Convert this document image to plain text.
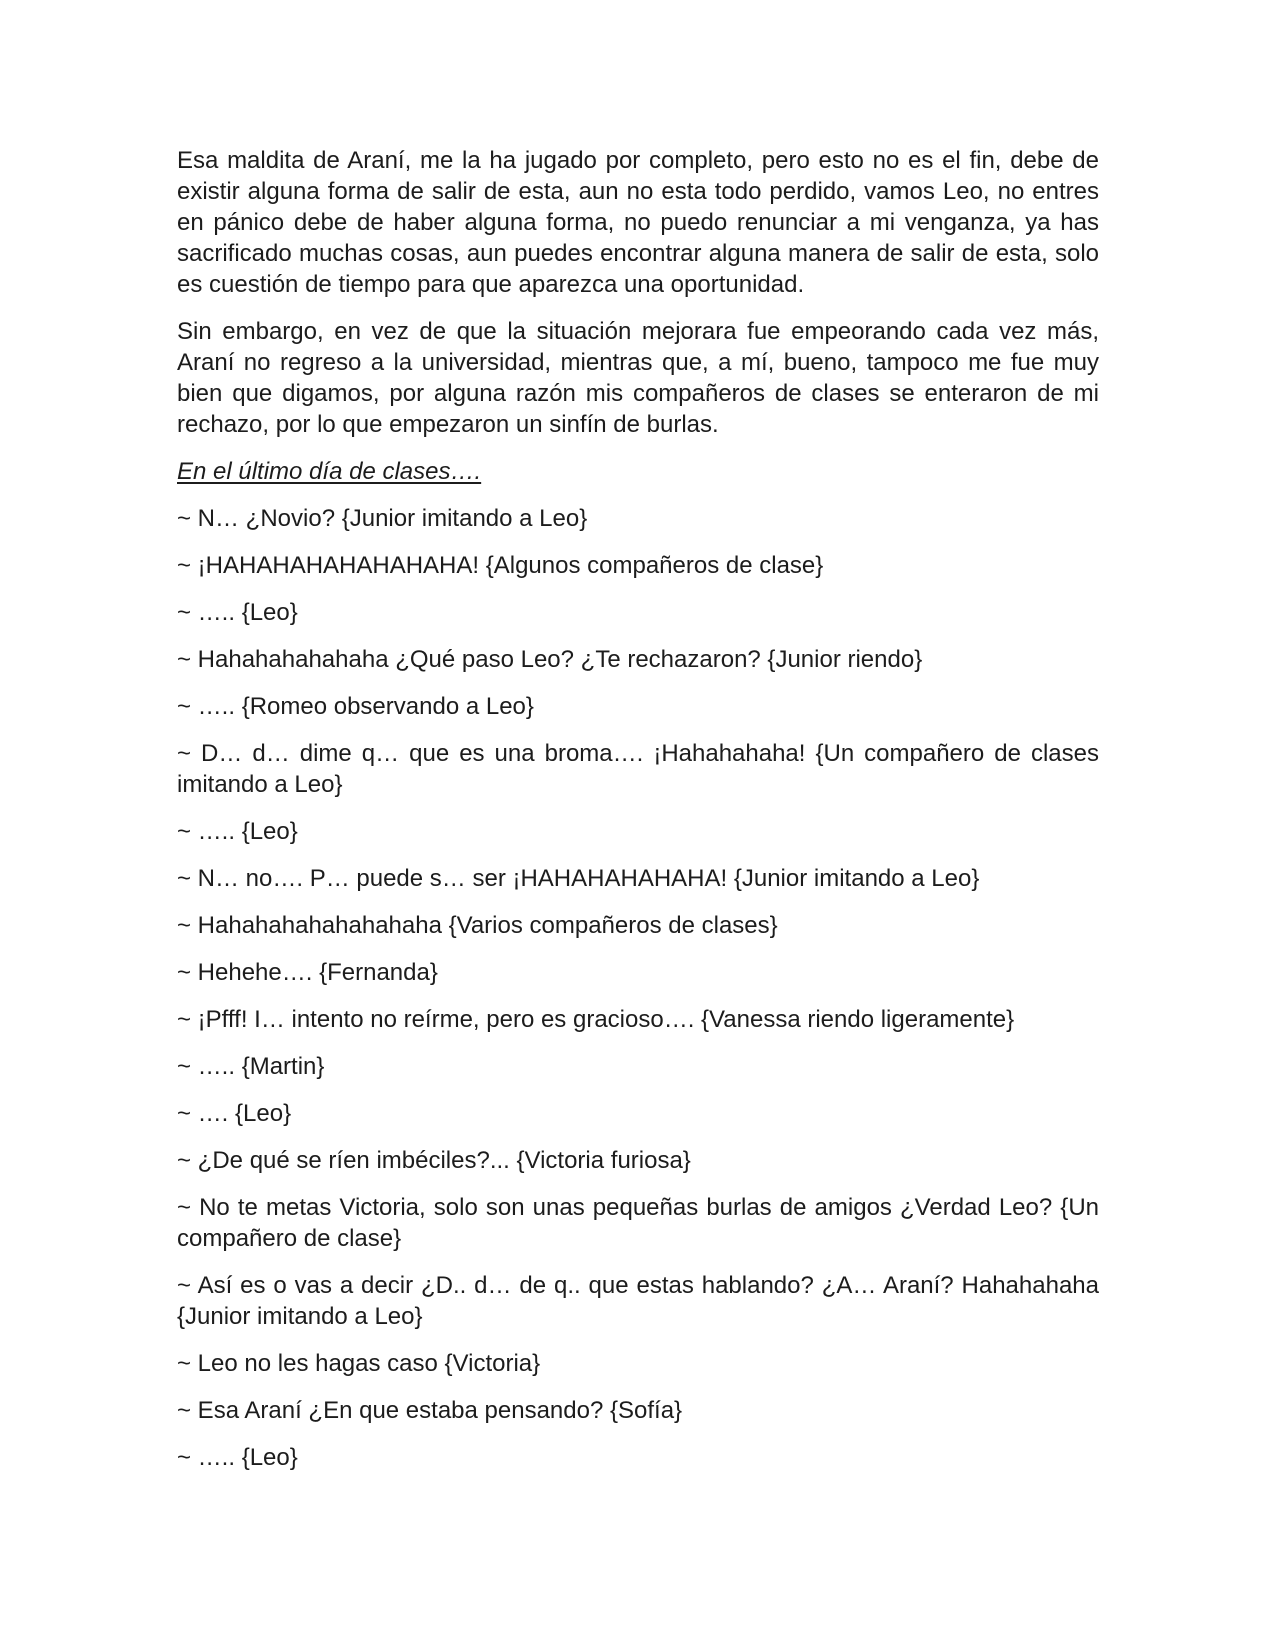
Esa maldita de Araní, me la ha jugado por completo, pero esto no es el fin, debe de existir alguna forma de salir de esta, aun no esta todo perdido, vamos Leo, no entres en pánico debe de haber alguna forma, no puedo renunciar a mi venganza, ya has sacrificado muchas cosas, aun puedes encontrar alguna manera de salir de esta, solo es cuestión de tiempo para que aparezca una oportunidad.

Sin embargo, en vez de que la situación mejorara fue empeorando cada vez más, Araní no regreso a la universidad, mientras que, a mí, bueno, tampoco me fue muy bien que digamos, por alguna razón mis compañeros de clases se enteraron de mi rechazo, por lo que empezaron un sinfín de burlas.

En el último día de clases….

~ N… ¿Novio? {Junior imitando a Leo}

~ ¡HAHAHAHAHAHAHAHA! {Algunos compañeros de clase}

~ ….. {Leo}

~ Hahahahahahaha ¿Qué paso Leo? ¿Te rechazaron? {Junior riendo}

~ ….. {Romeo observando a Leo}

~ D… d… dime q… que es una broma…. ¡Hahahahaha! {Un compañero de clases imitando a Leo}

~ ….. {Leo}

~ N… no…. P… puede s… ser ¡HAHAHAHAHAHA! {Junior imitando a Leo}

~ Hahahahahahahahaha {Varios compañeros de clases}

~ Hehehe…. {Fernanda}

~ ¡Pfff! I… intento no reírme, pero es gracioso…. {Vanessa riendo ligeramente}

~ ….. {Martin}

~ …. {Leo}

~ ¿De qué se ríen imbéciles?... {Victoria furiosa}

~ No te metas Victoria, solo son unas pequeñas burlas de amigos ¿Verdad Leo? {Un compañero de clase}

~ Así es o vas a decir ¿D.. d… de q.. que estas hablando? ¿A… Araní? Hahahahaha {Junior imitando a Leo}

~ Leo no les hagas caso {Victoria}

~ Esa Araní ¿En que estaba pensando? {Sofía}

~ ….. {Leo}
